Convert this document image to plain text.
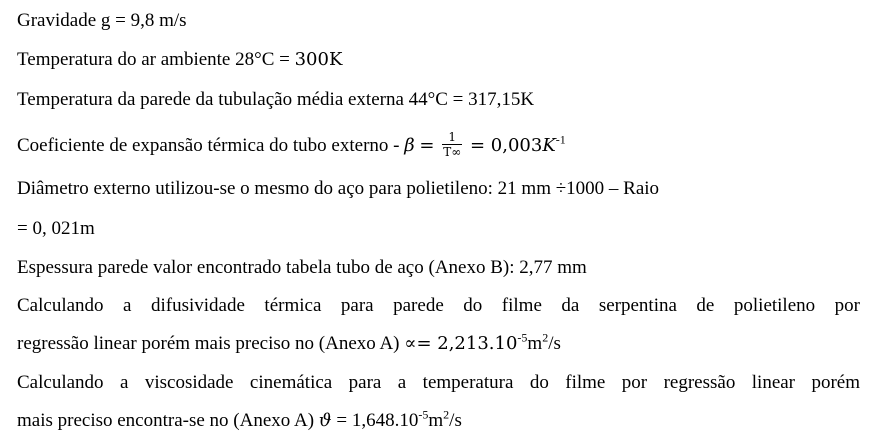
Gravidade g = 9,8 m/s
Temperatura do ar ambiente 28°C = 300K
Temperatura da parede da tubulação média externa 44°C = 317,15K
Coeficiente de expansão térmica do tubo externo - $\beta = \frac{1}{T\infty} = 0,003K^{-1}$
Diâmetro externo utilizou-se o mesmo do aço para polietileno: 21 mm ÷1000 – Raio
= 0, 021m
Espessura parede valor encontrado tabela tubo de aço (Anexo B): 2,77 mm
Calculando a difusividade térmica para parede do filme da serpentina de polietileno por
regressão linear porém mais preciso no (Anexo $A) \propto= 2,213.10^{-5}m^2/s$
Calculando a viscosidade cinemática para a temperatura do filme por regressão linear porém
mais preciso encontra-se no (Anexo A) $ϑ = 1,648.10^{-5}m^2/s$
